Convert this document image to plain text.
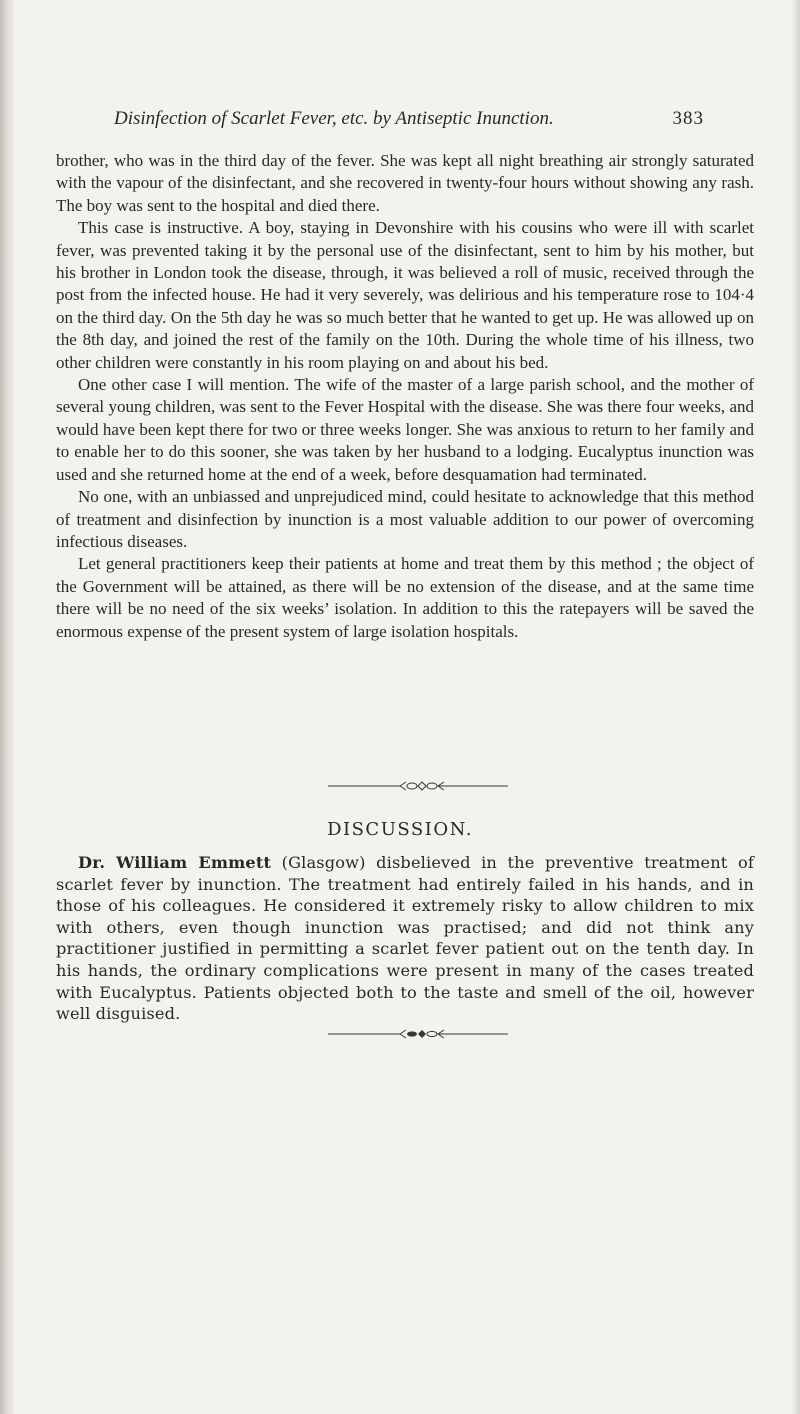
Disinfection of Scarlet Fever, etc. by Antiseptic Inunction.	383

brother, who was in the third day of the fever. She was kept all night breathing air strongly saturated with the vapour of the disinfectant, and she recovered in twenty-four hours without showing any rash. The boy was sent to the hospital and died there.

This case is instructive. A boy, staying in Devonshire with his cousins who were ill with scarlet fever, was prevented taking it by the personal use of the disinfectant, sent to him by his mother, but his brother in London took the disease, through, it was believed a roll of music, received through the post from the infected house. He had it very severely, was delirious and his temperature rose to 104·4 on the third day. On the 5th day he was so much better that he wanted to get up. He was allowed up on the 8th day, and joined the rest of the family on the 10th. During the whole time of his illness, two other children were constantly in his room playing on and about his bed.

One other case I will mention. The wife of the master of a large parish school, and the mother of several young children, was sent to the Fever Hospital with the disease. She was there four weeks, and would have been kept there for two or three weeks longer. She was anxious to return to her family and to enable her to do this sooner, she was taken by her husband to a lodging. Eucalyptus inunction was used and she returned home at the end of a week, before desquamation had terminated.

No one, with an unbiassed and unprejudiced mind, could hesitate to acknowledge that this method of treatment and disinfection by inunction is a most valuable addition to our power of overcoming infectious diseases.

Let general practitioners keep their patients at home and treat them by this method ; the object of the Government will be attained, as there will be no extension of the disease, and at the same time there will be no need of the six weeks’ isolation. In addition to this the ratepayers will be saved the enormous expense of the present system of large isolation hospitals.

DISCUSSION.

Dr. William Emmett (Glasgow) disbelieved in the preventive treatment of scarlet fever by inunction. The treatment had entirely failed in his hands, and in those of his colleagues. He considered it extremely risky to allow children to mix with others, even though inunction was practised; and did not think any practitioner justified in permitting a scarlet fever patient out on the tenth day. In his hands, the ordinary complications were present in many of the cases treated with Eucalyptus. Patients objected both to the taste and smell of the oil, however well disguised.
